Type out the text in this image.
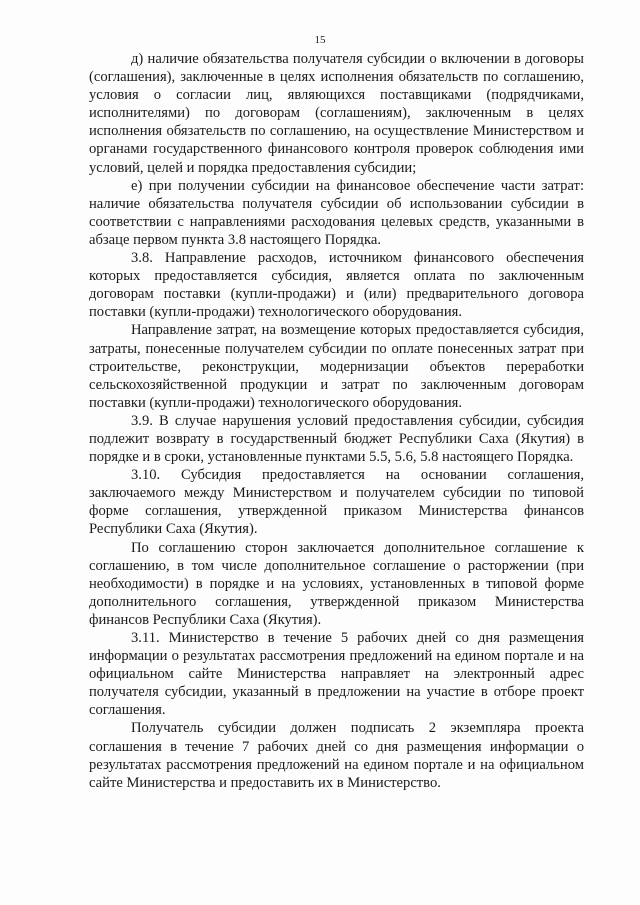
15

д) наличие обязательства получателя субсидии о включении в договоры (соглашения), заключенные в целях исполнения обязательств по соглашению, условия о согласии лиц, являющихся поставщиками (подрядчиками, исполнителями) по договорам (соглашениям), заключенным в целях исполнения обязательств по соглашению, на осуществление Министерством и органами государственного финансового контроля проверок соблюдения ими условий, целей и порядка предоставления субсидии;

е) при получении субсидии на финансовое обеспечение части затрат: наличие обязательства получателя субсидии об использовании субсидии в соответствии с направлениями расходования целевых средств, указанными в абзаце первом пункта 3.8 настоящего Порядка.

3.8. Направление расходов, источником финансового обеспечения которых предоставляется субсидия, является оплата по заключенным договорам поставки (купли-продажи) и (или) предварительного договора поставки (купли-продажи) технологического оборудования.

Направление затрат, на возмещение которых предоставляется субсидия, затраты, понесенные получателем субсидии по оплате понесенных затрат при строительстве, реконструкции, модернизации объектов переработки сельскохозяйственной продукции и затрат по заключенным договорам поставки (купли-продажи) технологического оборудования.

3.9. В случае нарушения условий предоставления субсидии, субсидия подлежит возврату в государственный бюджет Республики Саха (Якутия) в порядке и в сроки, установленные пунктами 5.5, 5.6, 5.8 настоящего Порядка.

3.10. Субсидия предоставляется на основании соглашения, заключаемого между Министерством и получателем субсидии по типовой форме соглашения, утвержденной приказом Министерства финансов Республики Саха (Якутия).

По соглашению сторон заключается дополнительное соглашение к соглашению, в том числе дополнительное соглашение о расторжении (при необходимости) в порядке и на условиях, установленных в типовой форме дополнительного соглашения, утвержденной приказом Министерства финансов Республики Саха (Якутия).

3.11. Министерство в течение 5 рабочих дней со дня размещения информации о результатах рассмотрения предложений на едином портале и на официальном сайте Министерства направляет на электронный адрес получателя субсидии, указанный в предложении на участие в отборе проект соглашения.

Получатель субсидии должен подписать 2 экземпляра проекта соглашения в течение 7 рабочих дней со дня размещения информации о результатах рассмотрения предложений на едином портале и на официальном сайте Министерства и предоставить их в Министерство.
